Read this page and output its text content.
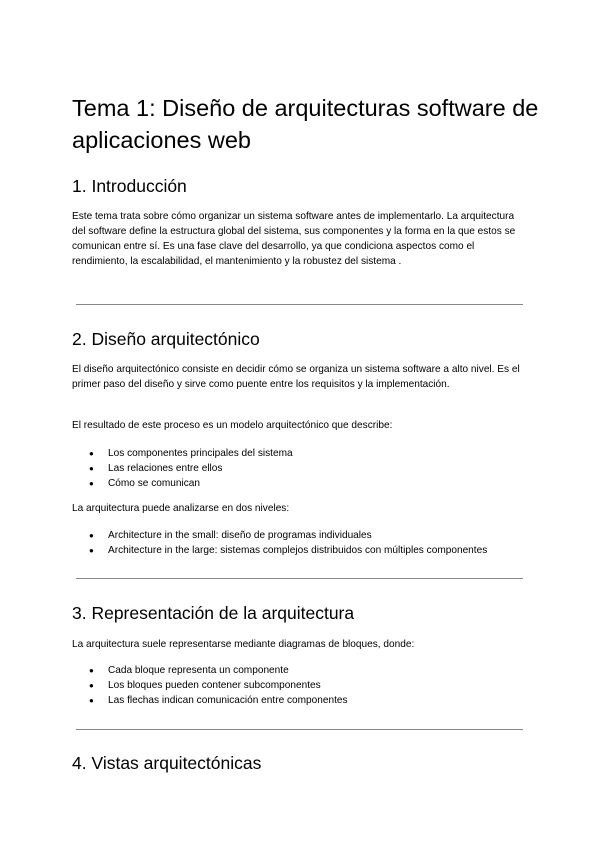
Tema 1: Diseño de arquitecturas software de aplicaciones web
1. Introducción

Este tema trata sobre cómo organizar un sistema software antes de implementarlo. La arquitectura del software define la estructura global del sistema, sus componentes y la forma en la que estos se comunican entre sí. Es una fase clave del desarrollo, ya que condiciona aspectos como el rendimiento, la escalabilidad, el mantenimiento y la robustez del sistema .

2. Diseño arquitectónico

El diseño arquitectónico consiste en decidir cómo se organiza un sistema software a alto nivel. Es el primer paso del diseño y sirve como puente entre los requisitos y la implementación.

El resultado de este proceso es un modelo arquitectónico que describe:

● Los componentes principales del sistema
● Las relaciones entre ellos
● Cómo se comunican

La arquitectura puede analizarse en dos niveles:

● Architecture in the small: diseño de programas individuales
● Architecture in the large: sistemas complejos distribuidos con múltiples componentes
3. Representación de la arquitectura

La arquitectura suele representarse mediante diagramas de bloques, donde:

● Cada bloque representa un componente
● Los bloques pueden contener subcomponentes
● Las flechas indican comunicación entre componentes
4. Vistas arquitectónicas
